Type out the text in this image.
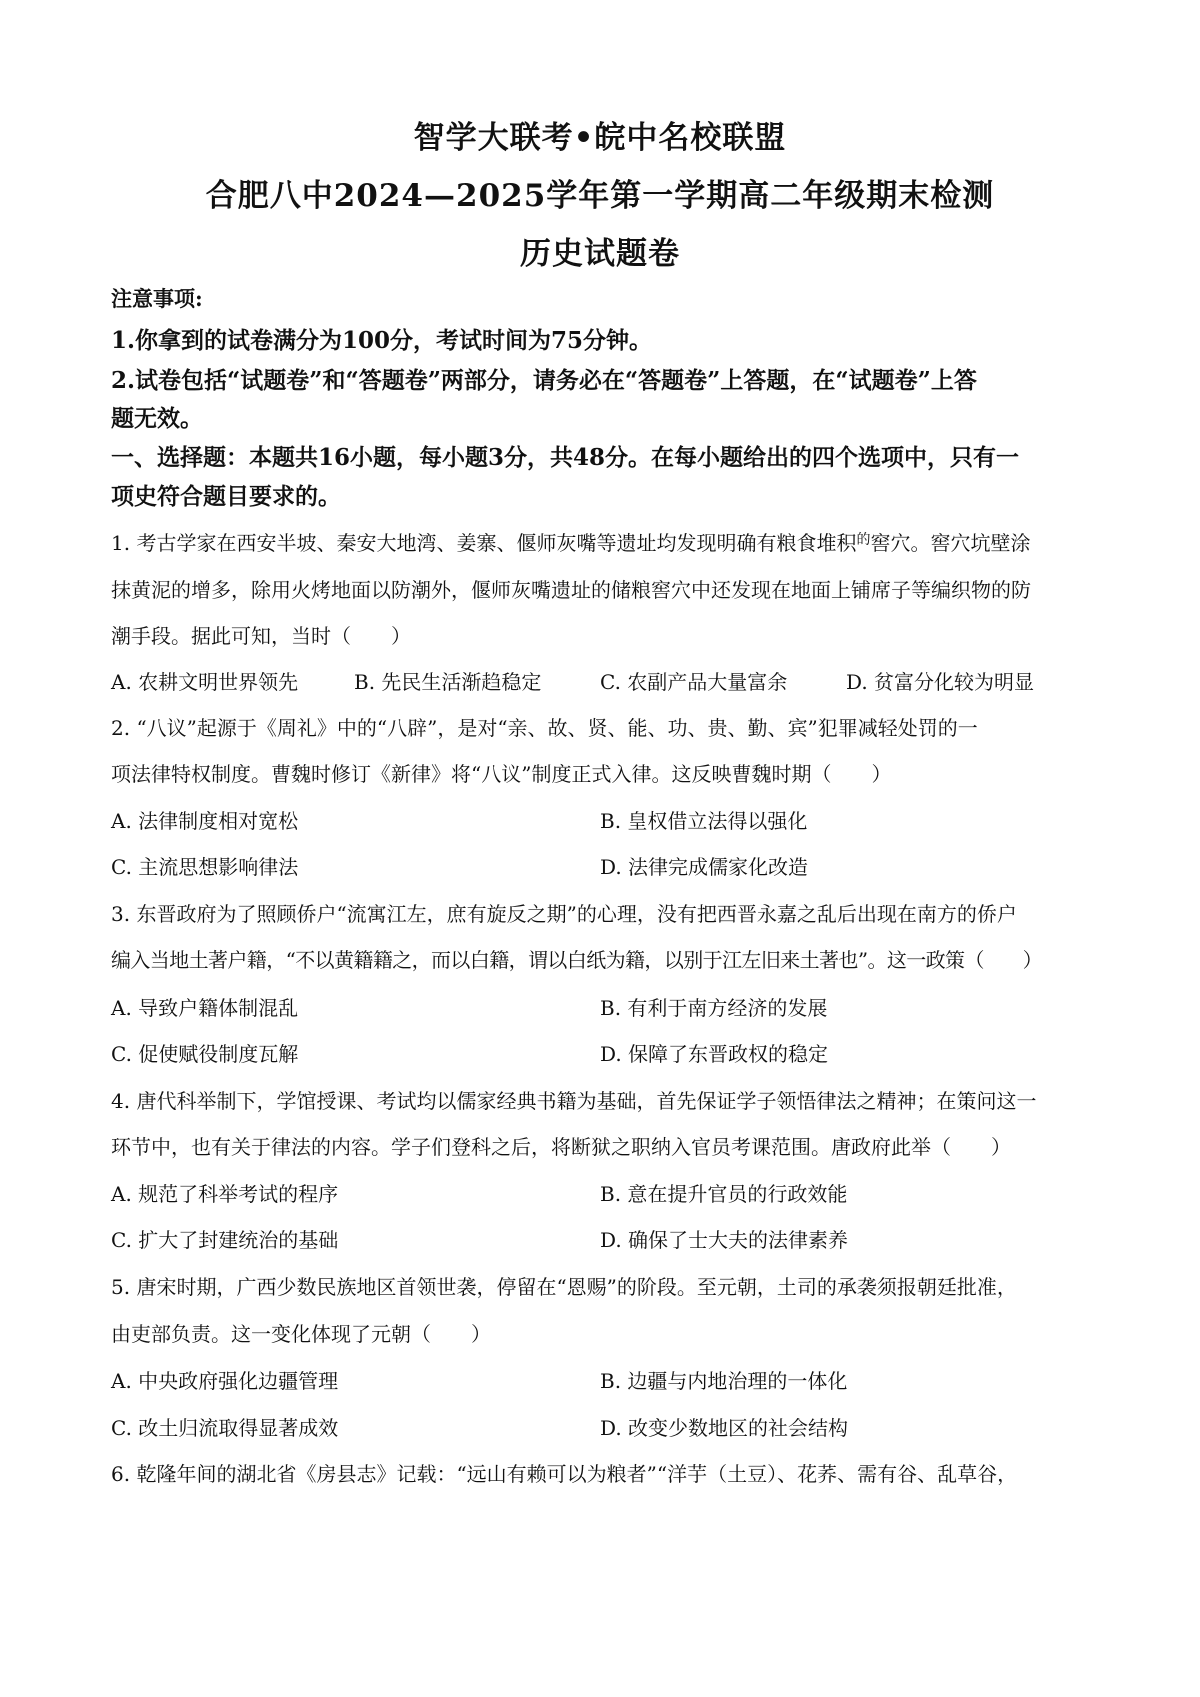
智学大联考•皖中名校联盟
合肥八中2024—2025学年第一学期高二年级期末检测
历史试题卷
注意事项:
1.你拿到的试卷满分为100分，考试时间为75分钟。
2.试卷包括“试题卷”和“答题卷”两部分，请务必在“答题卷”上答题，在“试题卷”上答
题无效。
一、选择题：本题共16小题，每小题3分，共48分。在每小题给出的四个选项中，只有一
项史符合题目要求的。
1. 考古学家在西安半坡、秦安大地湾、姜寨、偃师灰嘴等遗址均发现明确有粮食堆积$^的$窖穴。窖穴坑壁涂
抹黄泥的增多，除用火烤地面以防潮外，偃师灰嘴遗址的储粮窖穴中还发现在地面上铺席子等编织物的防
潮手段。据此可知，当时（　　）
A. 农耕文明世界领先	B. 先民生活渐趋稳定	C. 农副产品大量富余	D. 贫富分化较为明显
2. “八议”起源于《周礼》中的“八辟”，是对“亲、故、贤、能、功、贵、勤、宾”犯罪减轻处罚的一
项法律特权制度。曹魏时修订《新律》将“八议”制度正式入律。这反映曹魏时期（　　）
A. 法律制度相对宽松	B. 皇权借立法得以强化
C. 主流思想影响律法	D. 法律完成儒家化改造
3. 东晋政府为了照顾侨户“流寓江左，庶有旋反之期”的心理，没有把西晋永嘉之乱后出现在南方的侨户
编入当地土著户籍，“不以黄籍籍之，而以白籍，谓以白纸为籍，以别于江左旧来土著也”。这一政策（　　）
A. 导致户籍体制混乱	B. 有利于南方经济的发展
C. 促使赋役制度瓦解	D. 保障了东晋政权的稳定
4. 唐代科举制下，学馆授课、考试均以儒家经典书籍为基础，首先保证学子领悟律法之精神；在策问这一
环节中，也有关于律法的内容。学子们登科之后，将断狱之职纳入官员考课范围。唐政府此举（　　）
A. 规范了科举考试的程序	B. 意在提升官员的行政效能
C. 扩大了封建统治的基础	D. 确保了士大夫的法律素养
5. 唐宋时期，广西少数民族地区首领世袭，停留在“恩赐”的阶段。至元朝，土司的承袭须报朝廷批准，
由吏部负责。这一变化体现了元朝（　　）
A. 中央政府强化边疆管理	B. 边疆与内地治理的一体化
C. 改土归流取得显著成效	D. 改变少数地区的社会结构
6. 乾隆年间的湖北省《房县志》记载：“远山有赖可以为粮者”“洋芋（土豆）、花荞、需有谷、乱草谷，
